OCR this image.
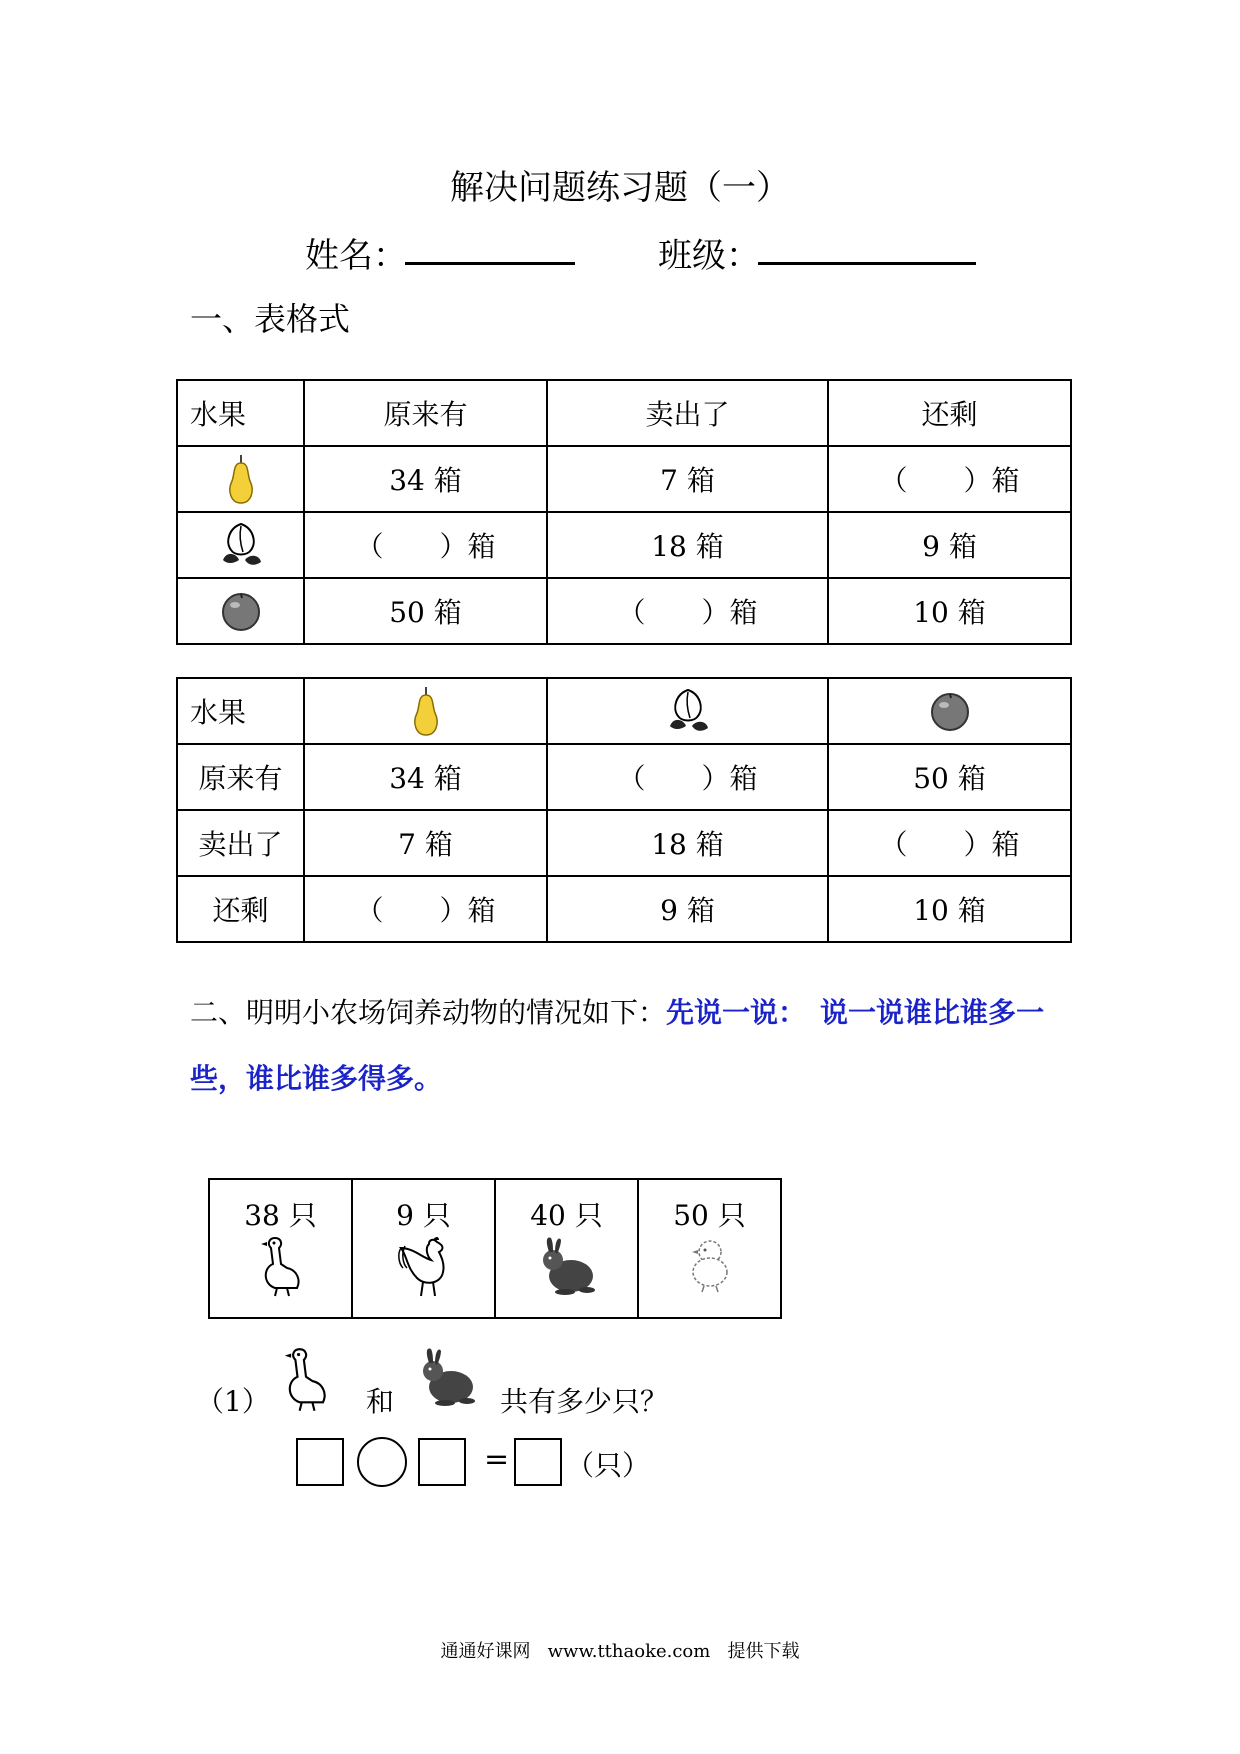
解决问题练习题（一）
姓名：	班级：
一、表格式
水果	原来有	卖出了	还剩

	34 箱	7 箱	（　　）箱

	（　　）箱	18 箱	9 箱

	50 箱	（　　）箱	10 箱
水果	

原来有	34 箱	（　　）箱	50 箱
卖出了	7 箱	18 箱	（　　）箱
还剩	（　　）箱	9 箱	10 箱
二、明明小农场饲养动物的情况如下：先说一说：　 说一说谁比谁多一些，谁比谁多得多。
38 只	9 只	40 只	50 只
（1）	和	共有多少只？
= （只）
通通好课网   www.tthaoke.com   提供下载
